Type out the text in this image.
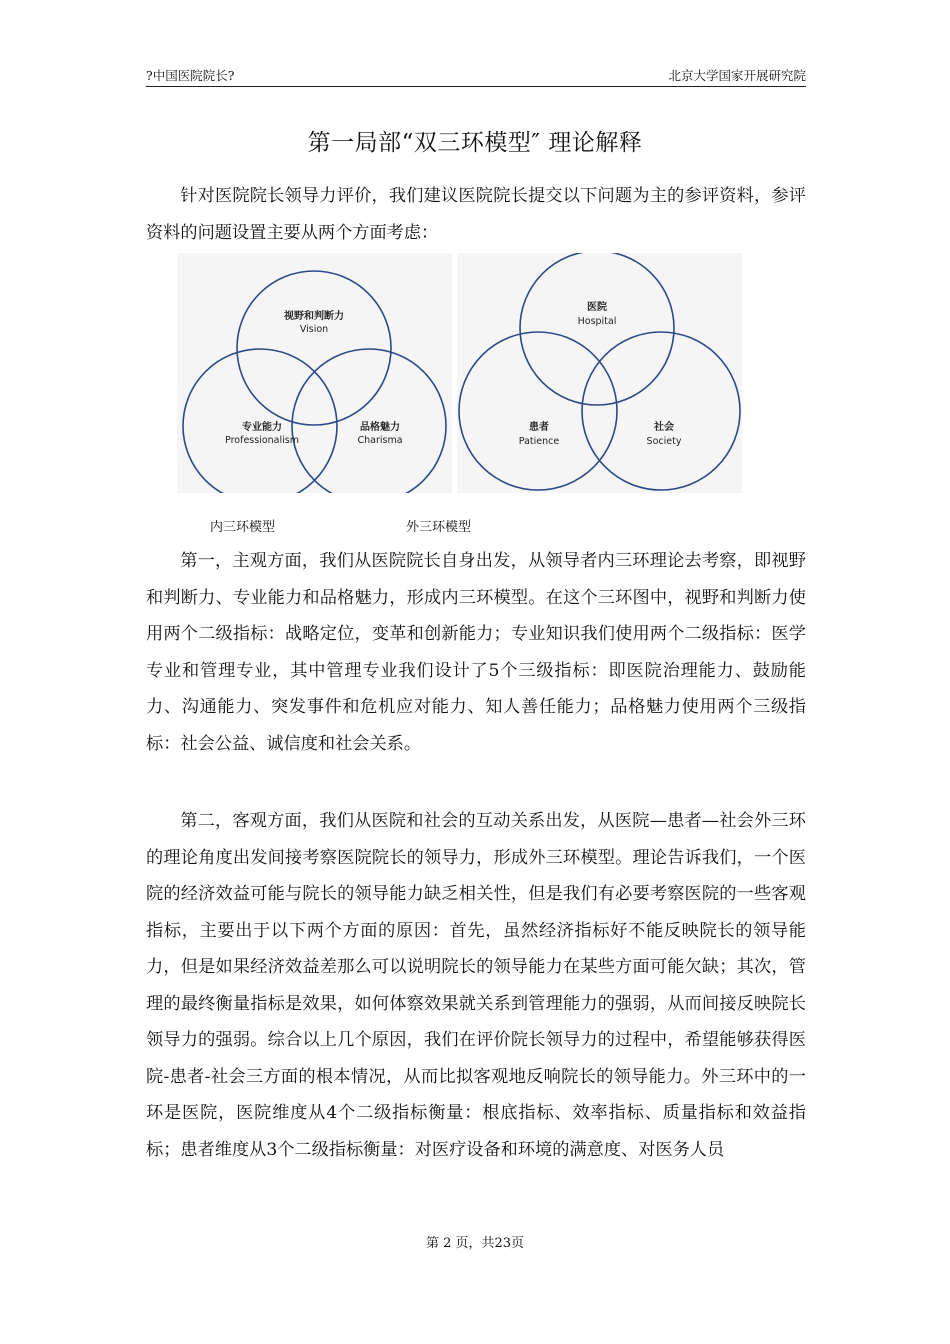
?中国医院院长?	北京大学国家开展研究院
第一局部“双三环模型″ 理论解释

针对医院院长领导力评价，我们建议医院院长提交以下问题为主的参评资料，参评资料的问题设置主要从两个方面考虑：

视野和判断力
Vision
专业能力
Professionalism
品格魅力
Charisma
医院
Hospital
患者
Patience
社会
Society
内三环模型	外三环模型

第一，主观方面，我们从医院院长自身出发，从领导者内三环理论去考察，即视野和判断力、专业能力和品格魅力，形成内三环模型。在这个三环图中，视野和判断力使用两个二级指标：战略定位，变革和创新能力；专业知识我们使用两个二级指标：医学专业和管理专业，其中管理专业我们设计了5个三级指标：即医院治理能力、鼓励能力、沟通能力、突发事件和危机应对能力、知人善任能力；品格魅力使用两个三级指标：社会公益、诚信度和社会关系。

第二，客观方面，我们从医院和社会的互动关系出发，从医院—患者—社会外三环的理论角度出发间接考察医院院长的领导力，形成外三环模型。理论告诉我们，一个医院的经济效益可能与院长的领导能力缺乏相关性，但是我们有必要考察医院的一些客观指标，主要出于以下两个方面的原因：首先，虽然经济指标好不能反映院长的领导能力，但是如果经济效益差那么可以说明院长的领导能力在某些方面可能欠缺；其次，管理的最终衡量指标是效果，如何体察效果就关系到管理能力的强弱，从而间接反映院长领导力的强弱。综合以上几个原因，我们在评价院长领导力的过程中，希望能够获得医院-患者-社会三方面的根本情况，从而比拟客观地反响院长的领导能力。外三环中的一环是医院，医院维度从4个二级指标衡量：根底指标、效率指标、质量指标和效益指标；患者维度从3个二级指标衡量：对医疗设备和环境的满意度、对医务人员

第 2 页，共23页
